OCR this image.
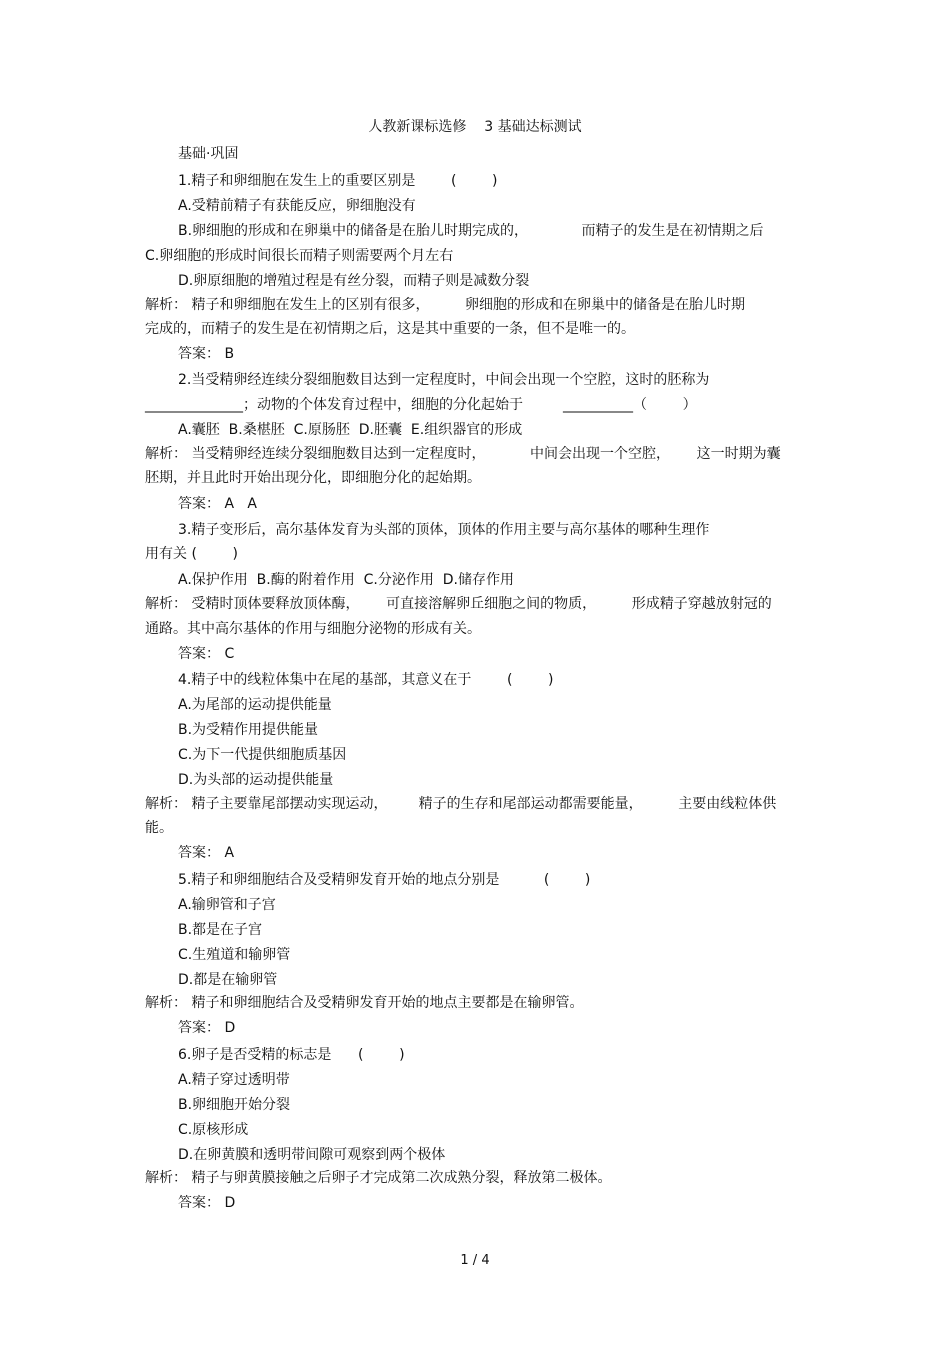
人教新课标选修    3 基础达标测试
基础·巩固
1.精子和卵细胞在发生上的重要区别是        (        )
A.受精前精子有获能反应，卵细胞没有
B.卵细胞的形成和在卵巢中的储备是在胎儿时期完成的，            而精子的发生是在初情期之后
C.卵细胞的形成时间很长而精子则需要两个月左右
D.卵原细胞的增殖过程是有丝分裂，而精子则是减数分裂
解析： 精子和卵细胞在发生上的区别有很多，        卵细胞的形成和在卵巢中的储备是在胎儿时期
完成的，而精子的发生是在初情期之后，这是其中重要的一条，但不是唯一的。
答案： B
2.当受精卵经连续分裂细胞数目达到一定程度时，中间会出现一个空腔，这时的胚称为
______________；动物的个体发育过程中，细胞的分化起始于         __________（        ）
A.囊胚  B.桑椹胚  C.原肠胚  D.胚囊  E.组织器官的形成
解析： 当受精卵经连续分裂细胞数目达到一定程度时，          中间会出现一个空腔，      这一时期为囊
胚期，并且此时开始出现分化，即细胞分化的起始期。
答案： A   A
3.精子变形后，高尔基体发育为头部的顶体，顶体的作用主要与高尔基体的哪种生理作
用有关 (        )
A.保护作用  B.酶的附着作用  C.分泌作用  D.储存作用
解析： 受精时顶体要释放顶体酶，      可直接溶解卵丘细胞之间的物质，        形成精子穿越放射冠的
通路。其中高尔基体的作用与细胞分泌物的形成有关。
答案： C
4.精子中的线粒体集中在尾的基部，其意义在于        (        )
A.为尾部的运动提供能量
B.为受精作用提供能量
C.为下一代提供细胞质基因
D.为头部的运动提供能量
解析： 精子主要靠尾部摆动实现运动，       精子的生存和尾部运动都需要能量，        主要由线粒体供
能。
答案： A
5.精子和卵细胞结合及受精卵发育开始的地点分别是          (        )
A.输卵管和子宫
B.都是在子宫
C.生殖道和输卵管
D.都是在输卵管
解析： 精子和卵细胞结合及受精卵发育开始的地点主要都是在输卵管。
答案： D
6.卵子是否受精的标志是      (        )
A.精子穿过透明带
B.卵细胞开始分裂
C.原核形成
D.在卵黄膜和透明带间隙可观察到两个极体
解析： 精子与卵黄膜接触之后卵子才完成第二次成熟分裂，释放第二极体。
答案： D
1 / 4
